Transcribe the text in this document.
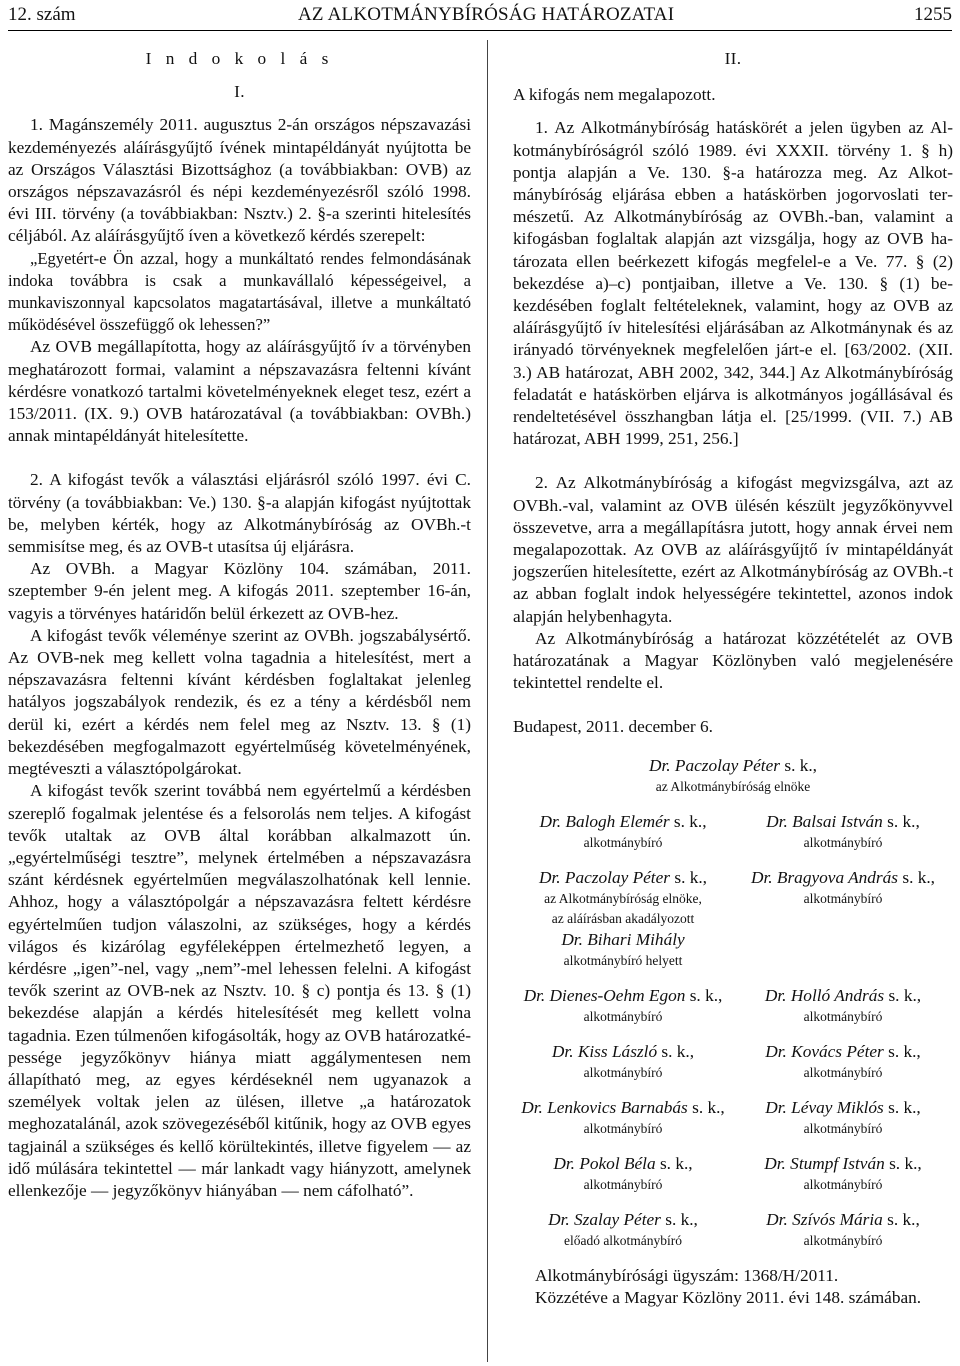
12. szám	AZ ALKOTMÁNYBÍRÓSÁG HATÁROZATAI	1255

I n d o k o l á s

I.

1. Magánszemély 2011. augusztus 2-án országos népszavazási kezdeményezés aláírásgyűjtő ívének mintapéldányát nyújtotta be az Országos Választási Bizottsághoz (a továbbiakban: OVB) az országos népszavazásról és népi kezdeményezésről szóló 1998. évi III. törvény (a továbbiakban: Nsztv.) 2. §-a szerinti hitelesítés céljából. Az aláírásgyűjtő íven a következő kérdés szerepelt:

„Egyetért-e Ön azzal, hogy a munkáltató rendes felmondásának indoka továbbra is csak a munkavállaló képességeivel, a munkaviszonnyal kapcsolatos magatartásával, illetve a munkáltató működésével összefüggő ok lehessen?”

Az OVB megállapította, hogy az aláírásgyűjtő ív a törvényben meghatározott formai, valamint a népszavazásra feltenni kívánt kérdésre vonatkozó tartalmi követelményeknek eleget tesz, ezért a 153/2011. (IX. 9.) OVB határozatával (a továbbiakban: OVBh.) annak mintapéldányát hitelesítette.

2. A kifogást tevők a választási eljárásról szóló 1997. évi C. törvény (a továbbiakban: Ve.) 130. §-a alapján kifogást nyújtottak be, melyben kérték, hogy az Alkotmánybíróság az OVBh.-t semmisítse meg, és az OVB-t utasítsa új eljárásra.

Az OVBh. a Magyar Közlöny 104. számában, 2011. szeptember 9-én jelent meg. A kifogás 2011. szeptember 16-án, vagyis a törvényes határidőn belül érkezett az OVB-hez.

A kifogást tevők véleménye szerint az OVBh. jogszabálysértő. Az OVB-nek meg kellett volna tagadnia a hitelesítést, mert a népszavazásra feltenni kívánt kérdésben foglaltakat jelenleg hatályos jogszabályok rendezik, és ez a tény a kérdésből nem derül ki, ezért a kérdés nem felel meg az Nsztv. 13. § (1) bekezdésében megfogalmazott egyértelműség követelményének, megtéveszti a választópolgárokat.

A kifogást tevők szerint továbbá nem egyértelmű a kérdésben szereplő fogalmak jelentése és a felsorolás nem teljes. A kifogást tevők utaltak az OVB által korábban alkalmazott ún. „egyértelműségi tesztre”, melynek értelmében a népszavazásra szánt kérdésnek egyértelműen megválaszolhatónak kell lennie. Ahhoz, hogy a választópolgár a népszavazásra feltett kérdésre egyértelműen tudjon válaszolni, az szükséges, hogy a kérdés világos és kizárólag egyféleképpen értelmezhető legyen, a kérdésre „igen”-nel, vagy „nem”-mel lehessen felelni. A kifogást tevők szerint az OVB-nek az Nsztv. 10. § c) pontja és 13. § (1) bekezdése alapján a kérdés hitelesítését meg kellett volna tagadnia. Ezen túlmenően kifogásolták, hogy az OVB határozatképessége jegyzőkönyv hiánya miatt aggálymentesen nem állapítható meg, az egyes kérdéseknél nem ugyanazok a személyek voltak jelen az ülésen, illetve „a határozatok meghozatalánál, azok szövegezéséből kitűnik, hogy az OVB egyes tagjainál a szükséges és kellő körültekintés, illetve figyelem — az idő múlására tekintettel — már lankadt vagy hiányzott, amelynek ellenkezője — jegyzőkönyv hiányában — nem cáfolható”.

II.

A kifogás nem megalapozott.

1. Az Alkotmánybíróság hatáskörét a jelen ügyben az Alkotmánybíróságról szóló 1989. évi XXXII. törvény 1. § h) pontja alapján a Ve. 130. §-a határozza meg. Az Alkotmánybíróság eljárása ebben a hatáskörben jogorvoslati természetű. Az Alkotmánybíróság az OVBh.-ban, valamint a kifogásban foglaltak alapján azt vizsgálja, hogy az OVB határozata ellen beérkezett kifogás megfelel-e a Ve. 77. § (2) bekezdése a)–c) pontjaiban, illetve a Ve. 130. § (1) bekezdésében foglalt feltételeknek, valamint, hogy az OVB az aláírásgyűjtő ív hitelesítési eljárásában az Alkotmánynak és az irányadó törvényeknek megfelelően járt-e el. [63/2002. (XII. 3.) AB határozat, ABH 2002, 342, 344.] Az Alkotmánybíróság feladatát e hatáskörben eljárva is alkotmányos jogállásával és rendeltetésével összhangban látja el. [25/1999. (VII. 7.) AB határozat, ABH 1999, 251, 256.]

2. Az Alkotmánybíróság a kifogást megvizsgálva, azt az OVBh.-val, valamint az OVB ülésén készült jegyzőkönyvvel összevetve, arra a megállapításra jutott, hogy annak érvei nem megalapozottak. Az OVB az aláírásgyűjtő ív mintapéldányát jogszerűen hitelesítette, ezért az Alkotmánybíróság az OVBh.-t az abban foglalt indok helyességére tekintettel, azonos indok alapján helybenhagyta.

Az Alkotmánybíróság a határozat közzétételét az OVB határozatának a Magyar Közlönyben való megjelenésére tekintettel rendelte el.

Budapest, 2011. december 6.

Dr. Paczolay Péter s. k.,
az Alkotmánybíróság elnöke
Dr. Balogh Elemér s. k.,
alkotmánybíró
Dr. Balsai István s. k.,
alkotmánybíró
Dr. Paczolay Péter s. k.,
az Alkotmánybíróság elnöke,
az aláírásban akadályozott
Dr. Bihari Mihály
alkotmánybíró helyett
Dr. Bragyova András s. k.,
alkotmánybíró
Dr. Dienes-Oehm Egon s. k.,
alkotmánybíró
Dr. Holló András s. k.,
alkotmánybíró
Dr. Kiss László s. k.,
alkotmánybíró
Dr. Kovács Péter s. k.,
alkotmánybíró
Dr. Lenkovics Barnabás s. k.,
alkotmánybíró
Dr. Lévay Miklós s. k.,
alkotmánybíró
Dr. Pokol Béla s. k.,
alkotmánybíró
Dr. Stumpf István s. k.,
alkotmánybíró
Dr. Szalay Péter s. k.,
előadó alkotmánybíró
Dr. Szívós Mária s. k.,
alkotmánybíró

Alkotmánybírósági ügyszám: 1368/H/2011.

Közzétéve a Magyar Közlöny 2011. évi 148. számában.
